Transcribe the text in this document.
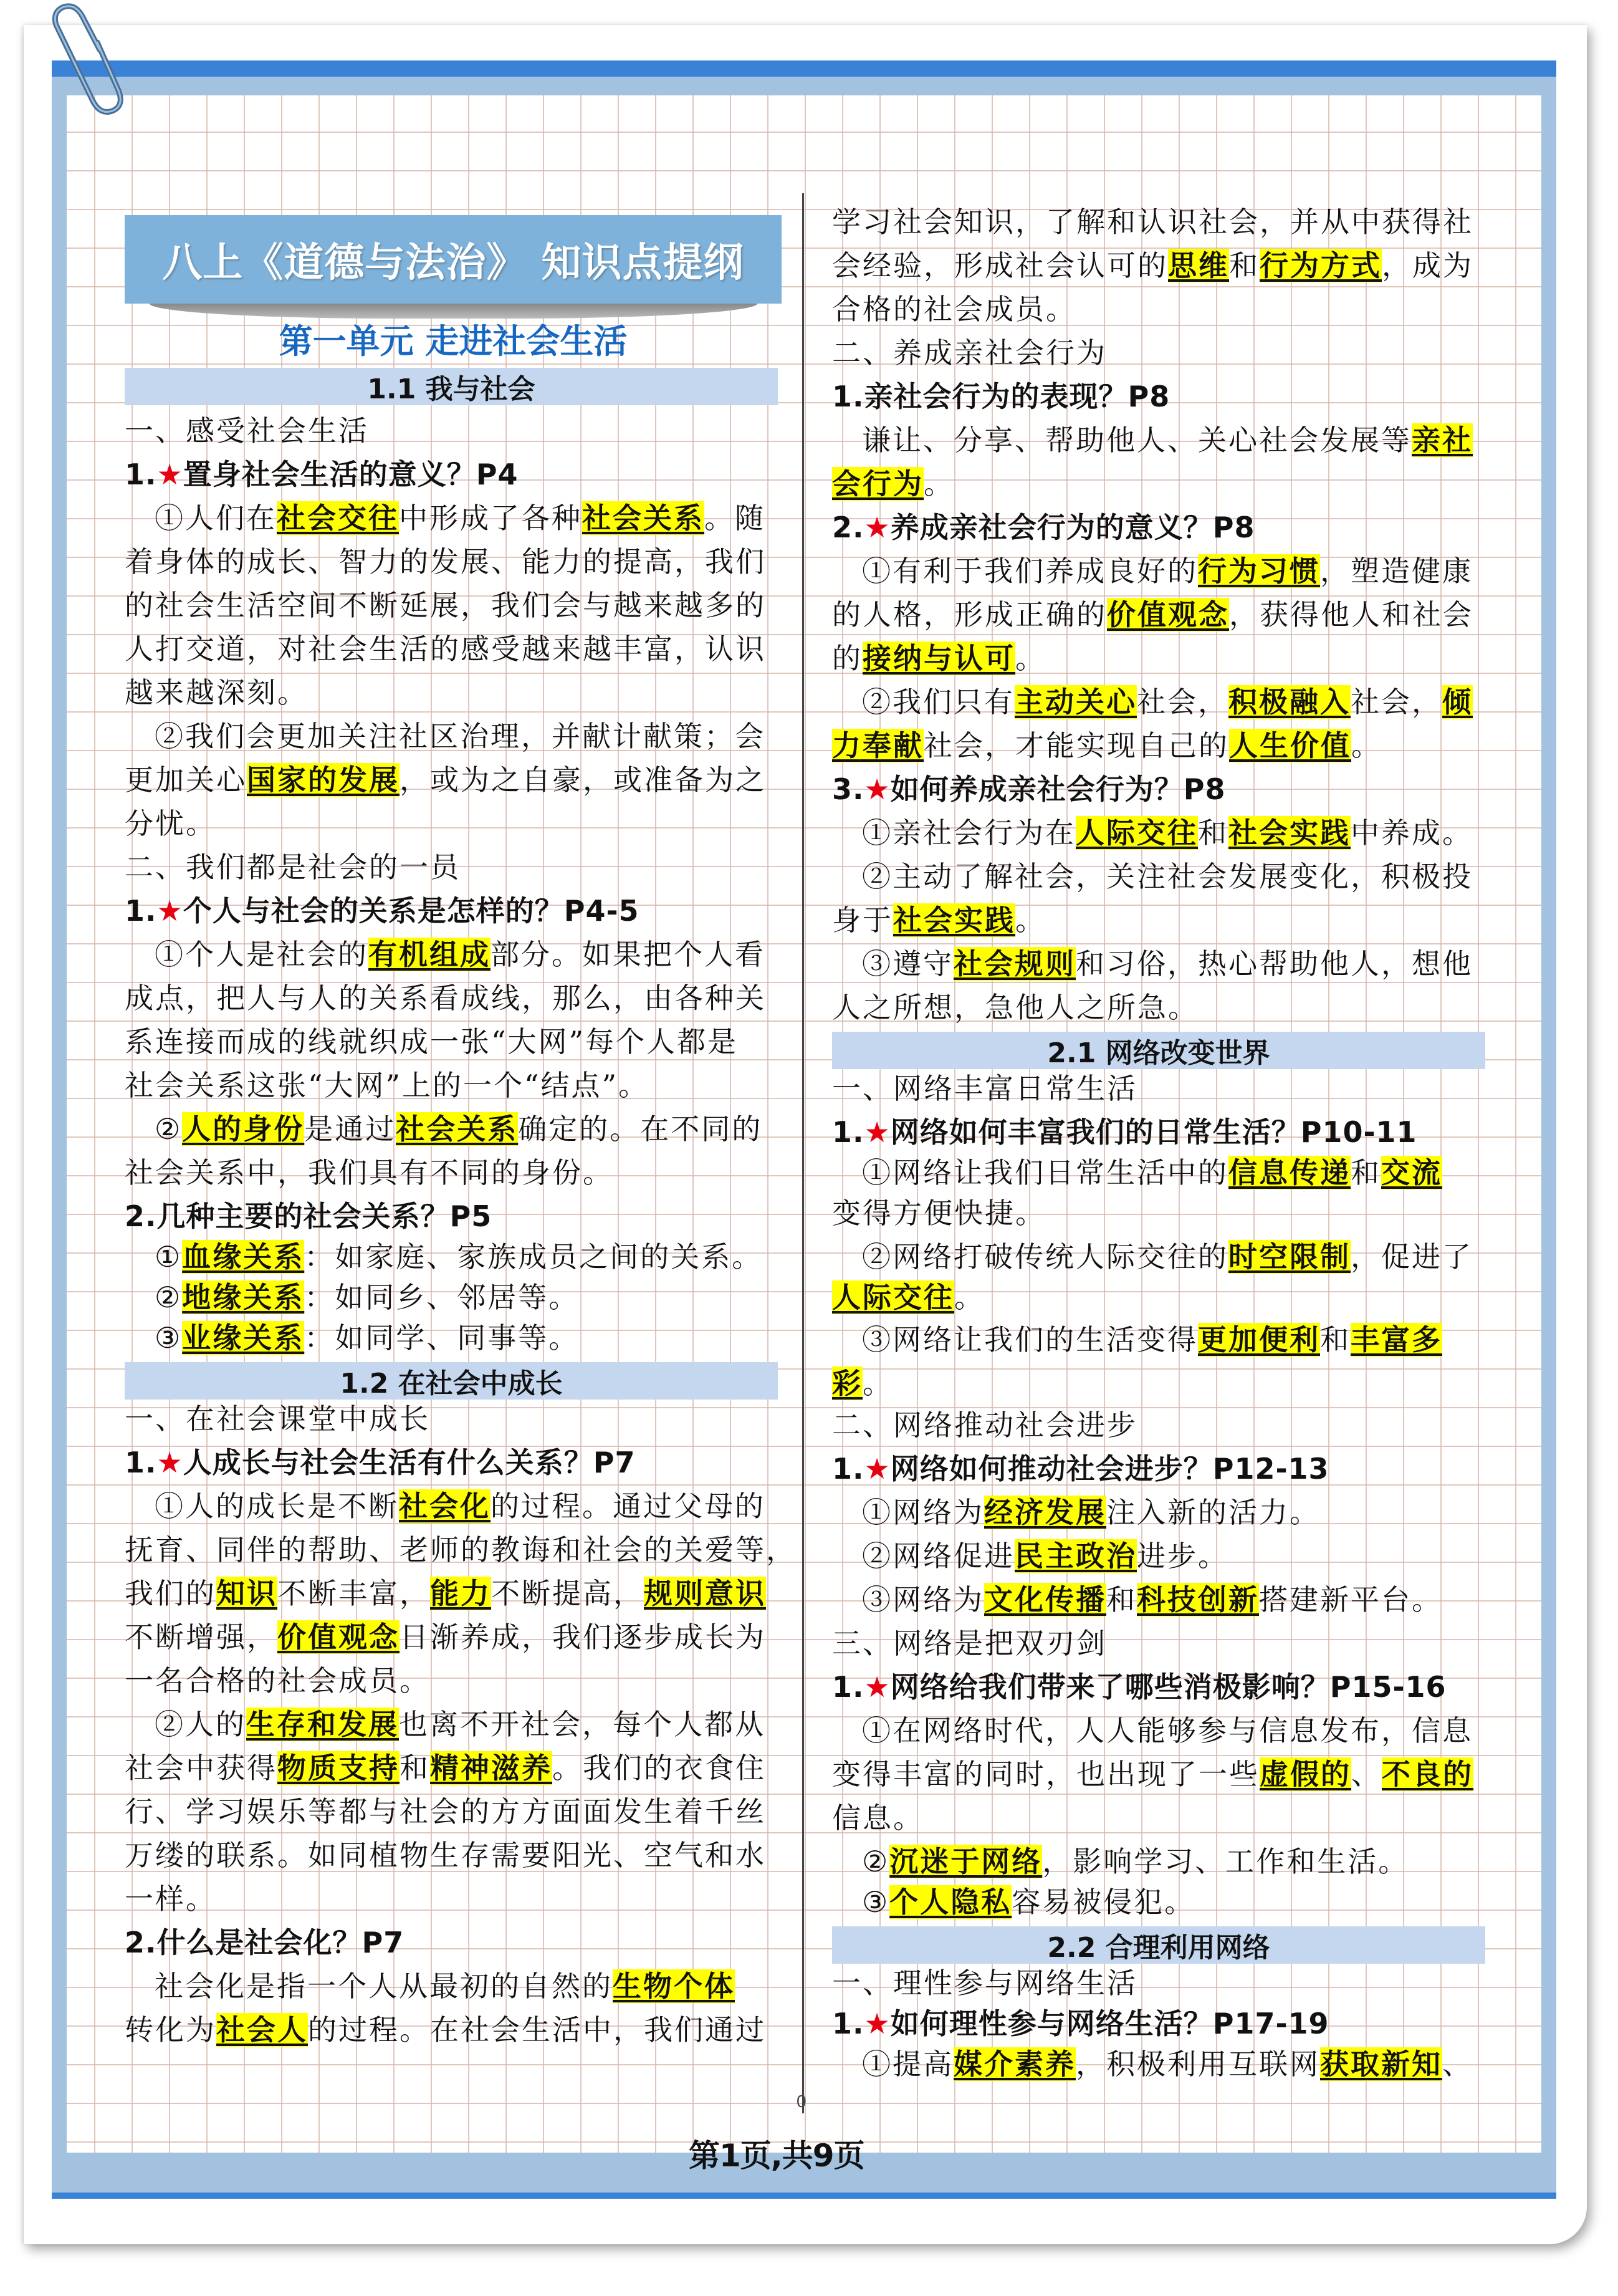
八上《道德与法治》 知识点提纲
第一单元 走进社会生活
0
1.1 我与社会
一、感受社会生活
1.★置身社会生活的意义？P4
①人们在社会交往中形成了各种社会关系。随
着身体的成长、智力的发展、能力的提高，我们
的社会生活空间不断延展，我们会与越来越多的
人打交道，对社会生活的感受越来越丰富，认识
越来越深刻。
②我们会更加关注社区治理，并献计献策；会
更加关心国家的发展，或为之自豪，或准备为之
分忧。
二、我们都是社会的一员
1.★个人与社会的关系是怎样的？P4-5
①个人是社会的有机组成部分。如果把个人看
成点，把人与人的关系看成线，那么，由各种关
系连接而成的线就织成一张“大网”每个人都是
社会关系这张“大网”上的一个“结点”。
②人的身份是通过社会关系确定的。在不同的
社会关系中，我们具有不同的身份。
2.几种主要的社会关系？P5
①血缘关系：如家庭、家族成员之间的关系。
②地缘关系：如同乡、邻居等。
③业缘关系：如同学、同事等。
1.2 在社会中成长
一、在社会课堂中成长
1.★人成长与社会生活有什么关系？P7
①人的成长是不断社会化的过程。通过父母的
抚育、同伴的帮助、老师的教诲和社会的关爱等，
我们的知识不断丰富，能力不断提高，规则意识
不断增强，价值观念日渐养成，我们逐步成长为
一名合格的社会成员。
②人的生存和发展也离不开社会，每个人都从
社会中获得物质支持和精神滋养。我们的衣食住
行、学习娱乐等都与社会的方方面面发生着千丝
万缕的联系。如同植物生存需要阳光、空气和水
一样。
2.什么是社会化？P7
社会化是指一个人从最初的自然的生物个体
转化为社会人的过程。在社会生活中，我们通过
学习社会知识，了解和认识社会，并从中获得社
会经验，形成社会认可的思维和行为方式，成为
合格的社会成员。
二、养成亲社会行为
1.亲社会行为的表现？P8
谦让、分享、帮助他人、关心社会发展等亲社
会行为。
2.★养成亲社会行为的意义？P8
①有利于我们养成良好的行为习惯，塑造健康
的人格，形成正确的价值观念，获得他人和社会
的接纳与认可。
②我们只有主动关心社会，积极融入社会，倾
力奉献社会，才能实现自己的人生价值。
3.★如何养成亲社会行为？P8
①亲社会行为在人际交往和社会实践中养成。
②主动了解社会，关注社会发展变化，积极投
身于社会实践。
③遵守社会规则和习俗，热心帮助他人，想他
人之所想，急他人之所急。
2.1 网络改变世界
一、网络丰富日常生活
1.★网络如何丰富我们的日常生活？P10-11
①网络让我们日常生活中的信息传递和交流
变得方便快捷。
②网络打破传统人际交往的时空限制，促进了
人际交往。
③网络让我们的生活变得更加便利和丰富多
彩。
二、网络推动社会进步
1.★网络如何推动社会进步？P12-13
①网络为经济发展注入新的活力。
②网络促进民主政治进步。
③网络为文化传播和科技创新搭建新平台。
三、网络是把双刃剑
1.★网络给我们带来了哪些消极影响？P15-16
①在网络时代，人人能够参与信息发布，信息
变得丰富的同时，也出现了一些虚假的、不良的
信息。
②沉迷于网络，影响学习、工作和生活。
③个人隐私容易被侵犯。
2.2 合理利用网络
一、理性参与网络生活
1.★如何理性参与网络生活？P17-19
①提高媒介素养，积极利用互联网获取新知、
第1页,共9页
